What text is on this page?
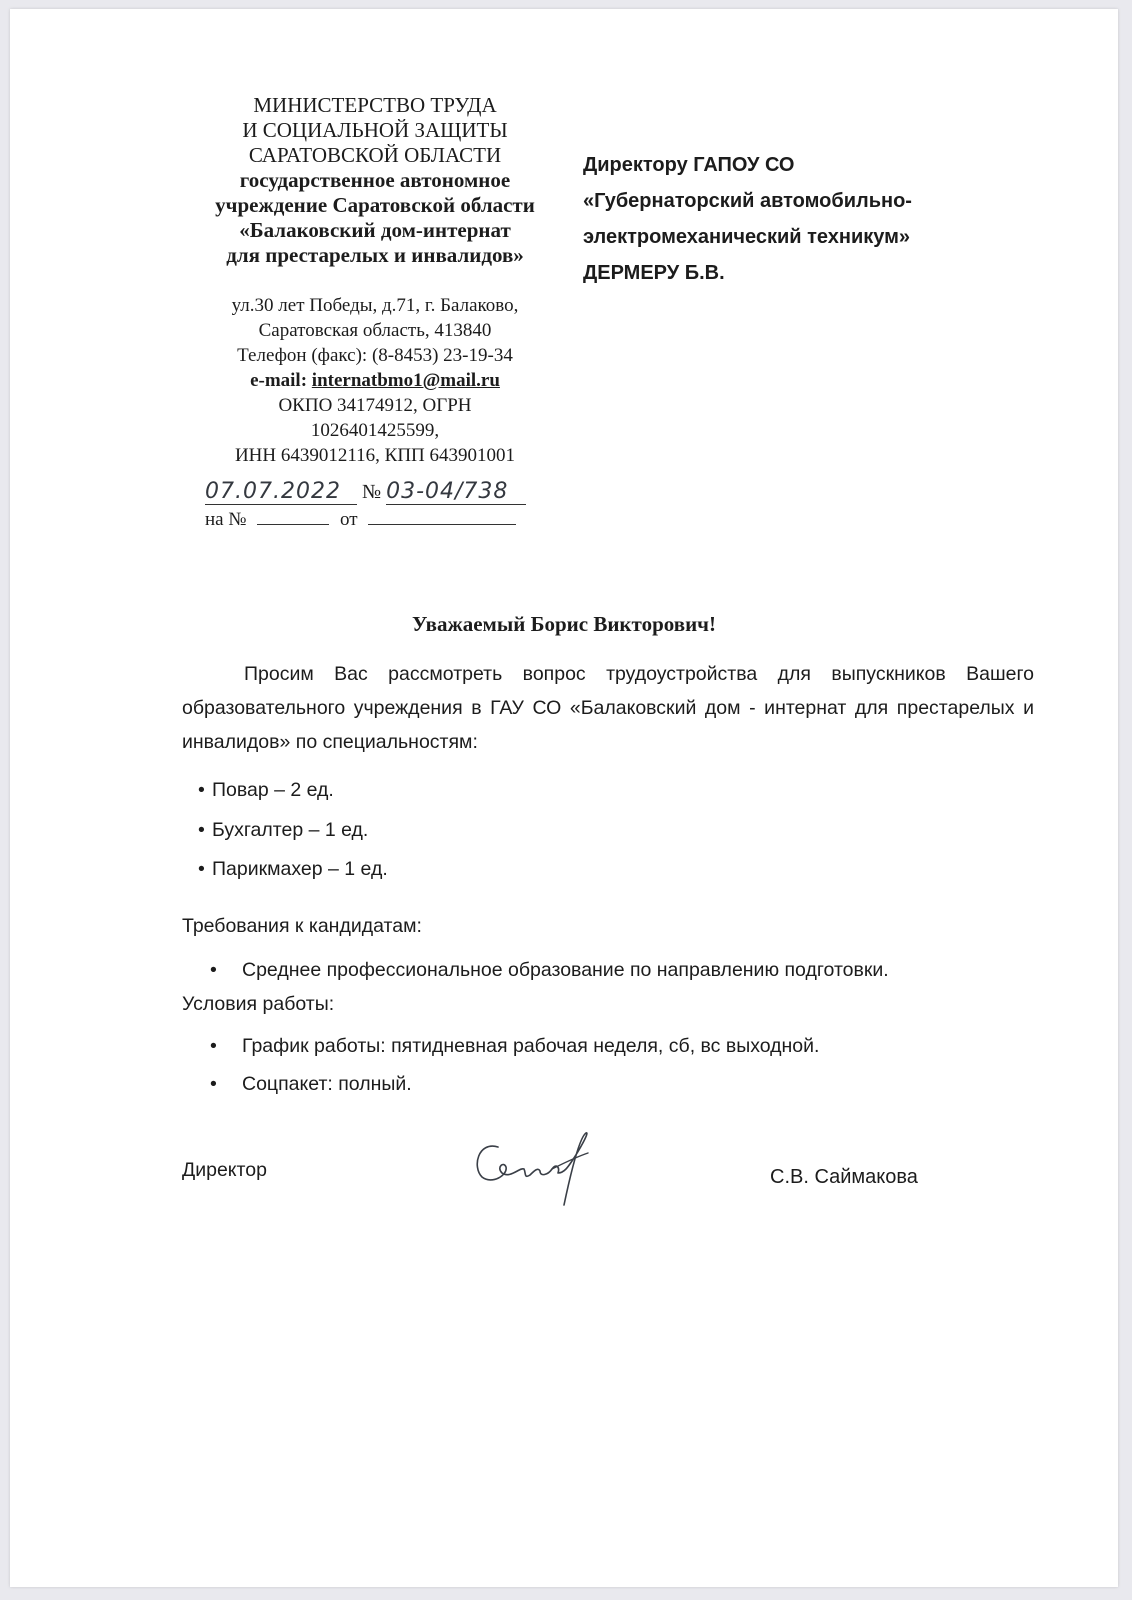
МИНИСТЕРСТВО ТРУДА
И СОЦИАЛЬНОЙ ЗАЩИТЫ
САРАТОВСКОЙ ОБЛАСТИ
государственное автономное
учреждение Саратовской области
«Балаковский дом-интернат
для престарелых и инвалидов»
ул.30 лет Победы, д.71, г. Балаково,
Саратовская область, 413840
Телефон (факс): (8-8453) 23-19-34
e-mail: internatbmo1@mail.ru
ОКПО 34174912, ОГРН
1026401425599,
ИНН 6439012116, КПП 643901001
07.07.2022 № 03-04/738
на №	от
Директору ГАПОУ СО
«Губернаторский автомобильно-
электромеханический техникум»
ДЕРМЕРУ Б.В.
Уважаемый Борис Викторович!
Просим Вас рассмотреть вопрос трудоустройства для выпускников Вашего образовательного учреждения в ГАУ СО «Балаковский дом - интернат для престарелых и инвалидов» по специальностям:
• Повар – 2 ед.
• Бухгалтер – 1 ед.
• Парикмахер – 1 ед.
Требования к кандидатам:
• Среднее профессиональное образование по направлению подготовки.
Условия работы:
• График работы: пятидневная рабочая неделя, сб, вс выходной.
• Соцпакет: полный.
Директор	С.В. Саймакова
